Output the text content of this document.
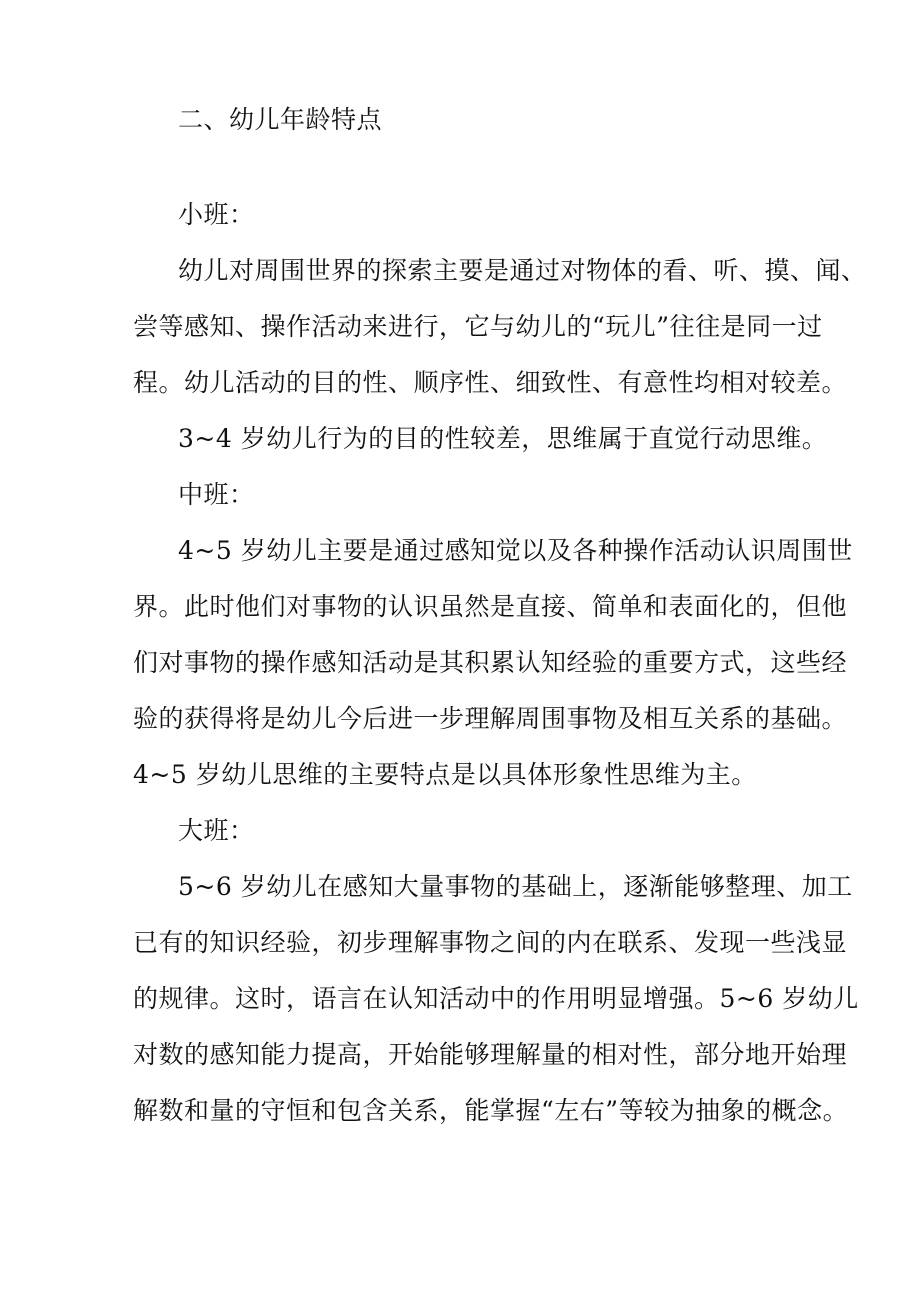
二、幼儿年龄特点
小班：
幼儿对周围世界的探索主要是通过对物体的看、听、摸、闻、
尝等感知、操作活动来进行，它与幼儿的“玩儿”往往是同一过
程。幼儿活动的目的性、顺序性、细致性、有意性均相对较差。
3~4 岁幼儿行为的目的性较差，思维属于直觉行动思维。
中班：
4~5 岁幼儿主要是通过感知觉以及各种操作活动认识周围世
界。此时他们对事物的认识虽然是直接、简单和表面化的，但他
们对事物的操作感知活动是其积累认知经验的重要方式，这些经
验的获得将是幼儿今后进一步理解周围事物及相互关系的基础。
4~5 岁幼儿思维的主要特点是以具体形象性思维为主。
大班：
5~6 岁幼儿在感知大量事物的基础上，逐渐能够整理、加工
已有的知识经验，初步理解事物之间的内在联系、发现一些浅显
的规律。这时，语言在认知活动中的作用明显增强。5~6 岁幼儿
对数的感知能力提高，开始能够理解量的相对性，部分地开始理
解数和量的守恒和包含关系，能掌握“左右”等较为抽象的概念。
